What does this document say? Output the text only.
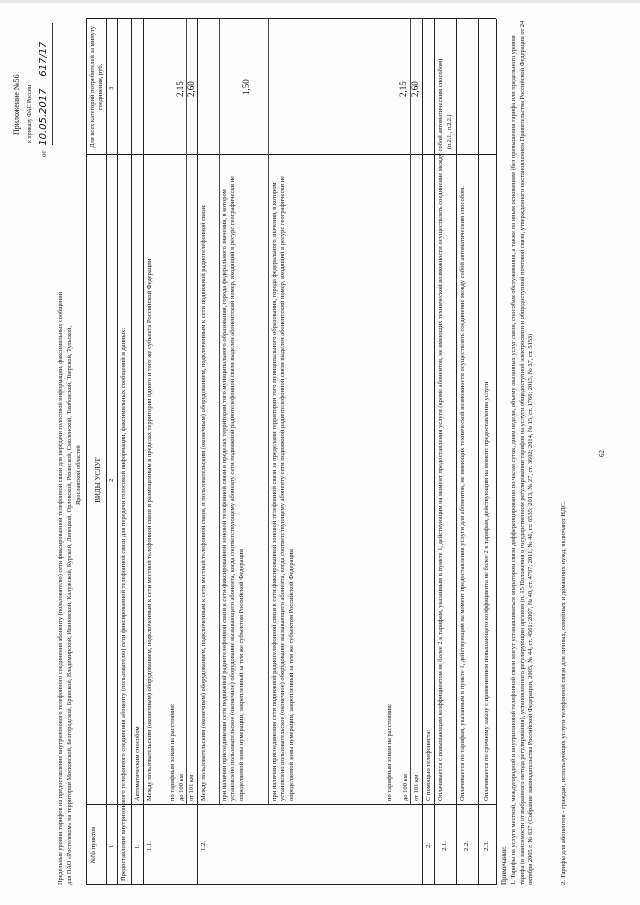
Приложение №56 к приказу ФАС России
от 10.05.2017 617/17
Предельные уровни тарифов на предоставление внутризонового телефонного соединения абоненту (пользователю) сети фиксированной телефонной связи для передачи голосовой информации, факсимильных сообщений для ПАО «Ростелеком» на территории Московской, Белгородской, Брянской, Владимирской, Ивановской, Калужской, Курской, Липецкой, Орловской, Рязанской, Смоленской, Тамбовской, Тверской, Тульской, Ярославской областей
№№ пунктов
ВИДЫ УСЛУГ
Для всех категорий потребителей за минуту соединения, руб.
1
2
3
Предоставление внутризонового телефонного соединения абоненту (пользователю) сети фиксированной телефонной связи для передачи голосовой информации, факсимильных сообщений и данных: 1.
Автоматическим способом
1.1.
Между пользовательским (оконечным) оборудованием, подключенным к сети местной телефонной связи и размещенным в пределах территории одного и того же субъекта Российской Федерации по тарифным зонам на расстоянии: до 100 км
2,15
от 101 км
2,60
1.2.
Между пользовательским (оконечным) оборудованием, подключенным к сети местной телефонной связи, и пользовательским (оконечным) оборудованием, подключенным к сети подвижной радиотелефонной связи: при наличии присоединения сети подвижной радиотелефонной связи к сети фиксированной зоновой телефонной связи в пределах территории того муниципального образования, города федерального значения, в котором установлено пользовательское (оконечное) оборудование вызывающего абонента, когда соответствующему абоненту сети подвижной радиотелефонной связи выделен абонентский номер, входящий в ресурс географически не определяемой зоны нумерации, закрепленный за тем же субъектом Российской Федерации
1,50
при наличии присоединения сети подвижной радиотелефонной связи к сети фиксированной зоновой телефонной связи за пределами территории того муниципального образования, города федерального значения, в котором установлено пользовательское (оконечное) оборудование вызывающего абонента, когда соответствующему абоненту сети подвижной радиотелефонной связи выделен абонентский номер, входящий в ресурс географически не определяемой зоны нумерации, закрепленный за тем же субъектом Российской Федерации	по тарифным зонам на расстоянии: до 100 км
2,15
от 101 км
2,60
2.
С помощью телефониста:
2.1.
Оплачивается с повышающим коэффициентом не более 2 к тарифам, указанным в пункте 1, действующим на момент предоставления услуги (кроме абонентов, не имеющих технической возможности осуществлять соединение между собой автоматическим способом) (п.2.1., п.2.2.)
2.2.
Оплачивается по тарифам, указанным в пункте 1, действующим на момент предоставления услуги для абонентов, не имеющих технической возможности осуществлять соединение между собой автоматическим способом.
2.3.
Оплачивается по срочному заказу с применением повышающего коэффициента не более 2 к тарифам, действующим на момент предоставления услуги
Примечание: 1. Тарифы на услуги местной, междугородной и внутризоновой телефонной связи могут устанавливаться оператором связи дифференцированно по часам суток, дням недели, объему оказанных услуг связи, способам обслуживания, а также по иным основаниям (без превышения тарифа или предельного уровня тарифа (в зависимости от выбранного метода регулирования), установленного регулирующим органом (п. 15 Положения о государственном регулировании тарифов на услуги общедоступной электросвязи и общедоступной почтовой связи, утвержденного постановлением Правительства Российской Федерации от 24 октября 2005 г. № 637 (Собрание законодательства Российской Федерации, 2005, № 44, ст. 4561; 2007, № 40, ст. 4797; 2011, № 46, ст. 6535; 2013, № 27, ст. 3602; 2014, № 15, ст. 1766; 2015, № 37, ст. 5153)	2. Тарифы для абонентов - граждан, использующих услуги телефонной связи для личных, семейных и домашних нужд, включают НДС.
62
